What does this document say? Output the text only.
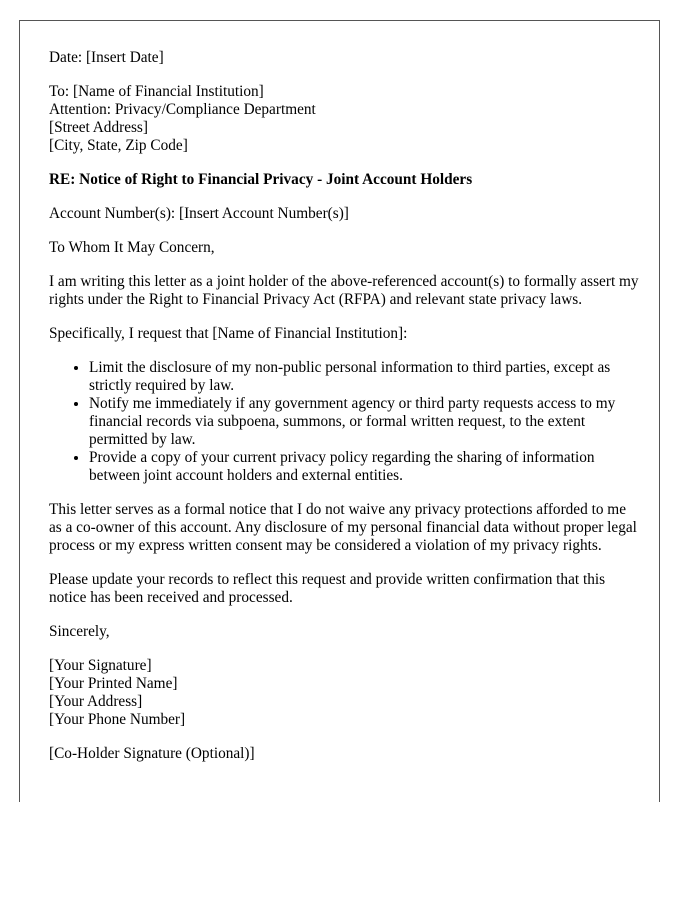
Date: [Insert Date]

To: [Name of Financial Institution]

Attention: Privacy/Compliance Department

[Street Address]

[City, State, Zip Code]

RE: Notice of Right to Financial Privacy - Joint Account Holders

Account Number(s): [Insert Account Number(s)]

To Whom It May Concern,

I am writing this letter as a joint holder of the above-referenced account(s) to formally assert my rights under the Right to Financial Privacy Act (RFPA) and relevant state privacy laws.

Specifically, I request that [Name of Financial Institution]:

• Limit the disclosure of my non-public personal information to third parties, except as strictly required by law.
• Notify me immediately if any government agency or third party requests access to my financial records via subpoena, summons, or formal written request, to the extent permitted by law.
• Provide a copy of your current privacy policy regarding the sharing of information between joint account holders and external entities.

This letter serves as a formal notice that I do not waive any privacy protections afforded to me as a co-owner of this account. Any disclosure of my personal financial data without proper legal process or my express written consent may be considered a violation of my privacy rights.

Please update your records to reflect this request and provide written confirmation that this notice has been received and processed.

Sincerely,

[Your Signature]

[Your Printed Name]

[Your Address]

[Your Phone Number]

[Co-Holder Signature (Optional)]
